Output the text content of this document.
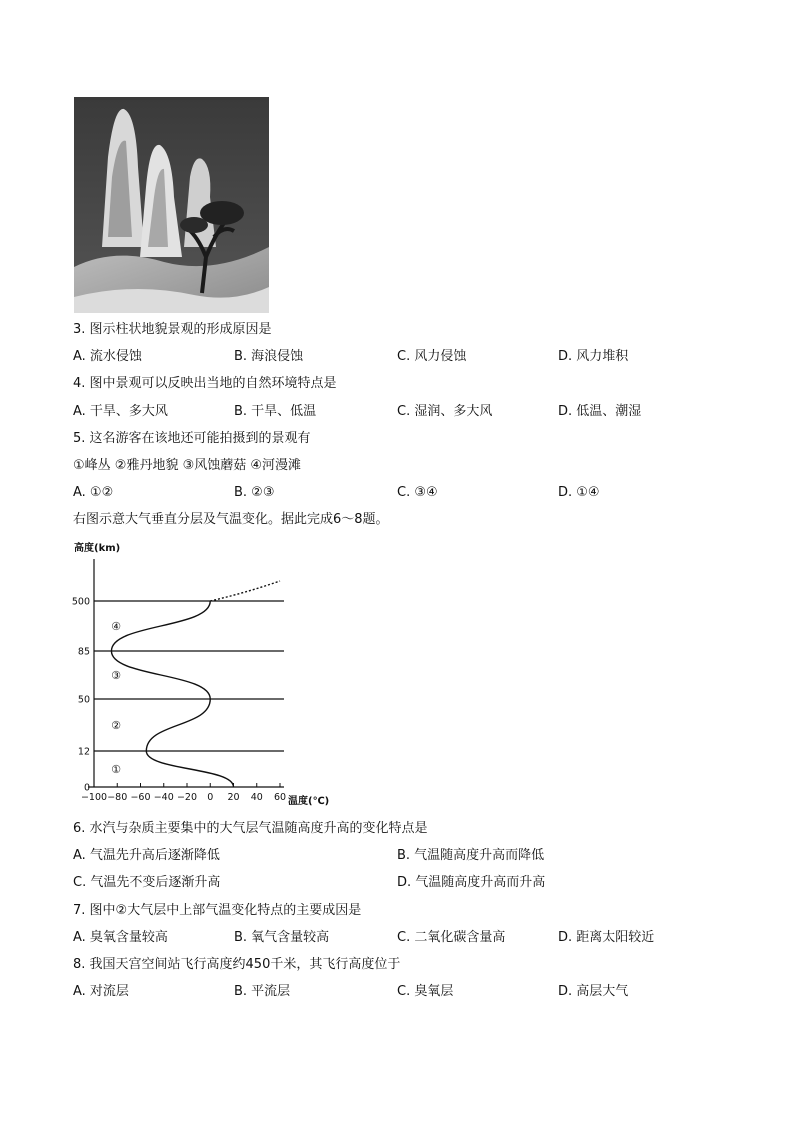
3. 图示柱状地貌景观的形成原因是
A. 流水侵蚀	B. 海浪侵蚀	C. 风力侵蚀	D. 风力堆积
4. 图中景观可以反映出当地的自然环境特点是
A. 干旱、多大风	B. 干旱、低温	C. 湿润、多大风	D. 低温、潮湿
5. 这名游客在该地还可能拍摄到的景观有
①峰丛 ②雅丹地貌 ③风蚀蘑菇 ④河漫滩
A. ①②	B. ②③	C. ③④	D. ①④
右图示意大气垂直分层及气温变化。据此完成6～8题。
高度(km)
温度(℃)
−100 −80 −60 −40 −20 0 20 40 60
500
85
50
12
0
①
②
③
④
6. 水汽与杂质主要集中的大气层气温随高度升高的变化特点是
A. 气温先升高后逐渐降低	B. 气温随高度升高而降低
C. 气温先不变后逐渐升高	D. 气温随高度升高而升高
7. 图中②大气层中上部气温变化特点的主要成因是
A. 臭氧含量较高	B. 氧气含量较高	C. 二氧化碳含量高	D. 距离太阳较近
8. 我国天宫空间站飞行高度约450千米，其飞行高度位于
A. 对流层	B. 平流层	C. 臭氧层	D. 高层大气
